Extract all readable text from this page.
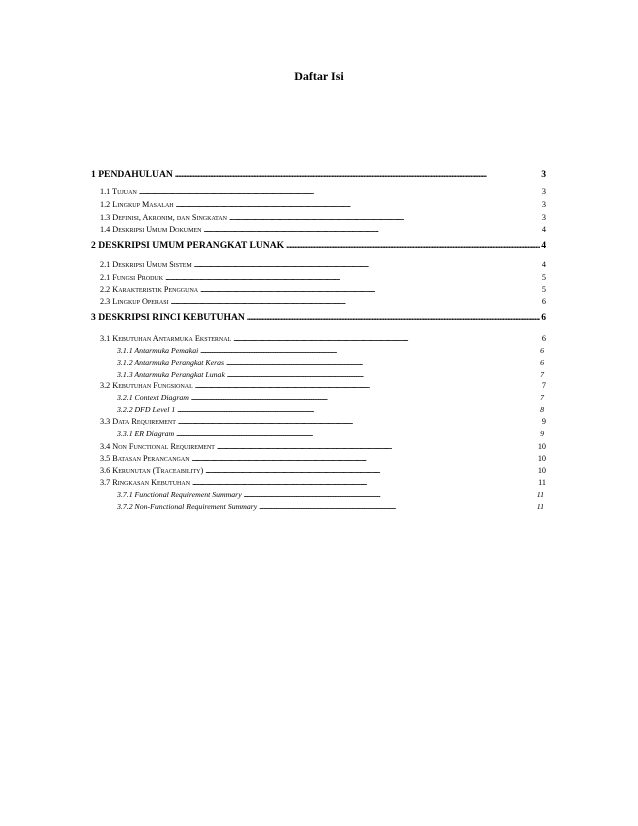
Daftar Isi
1 PENDAHULUAN . . .	3
1.1 Tujuan . . .	3
1.2 Lingkup Masalah . . .	3
1.3 Definisi, Akronim, dan Singkatan . . .	3
1.4 Deskripsi Umum Dokumen . . .	4
2 DESKRIPSI UMUM PERANGKAT LUNAK . . .	4
2.1 Deskripsi Umum Sistem . . .	4
2.1 Fungsi Produk . . .	5
2.2 Karakteristik Pengguna . . .	5
2.3 Lingkup Operasi . . .	6
3 DESKRIPSI RINCI KEBUTUHAN . . .	6
3.1 Kebutuhan Antarmuka Eksternal . . .	6
3.1.1 Antarmuka Pemakai . . .	6
3.1.2 Antarmuka Perangkat Keras . . .	6
3.1.3 Antarmuka Perangkat Lunak . . .	7
3.2 Kebutuhan Fungsional . . .	7
3.2.1 Context Diagram . . .	7
3.2.2 DFD Level 1 . . .	8
3.3 Data Requirement . . .	9
3.3.1 ER Diagram . . .	9
3.4 Non Functional Requirement . . .	10
3.5 Batasan Perancangan . . .	10
3.6 Kerunutan (Traceability) . . .	10
3.7 Ringkasan Kebutuhan . . .	11
3.7.1 Functional Requirement Summary . . .	11
3.7.2 Non-Functional Requirement Summary . . .	11
